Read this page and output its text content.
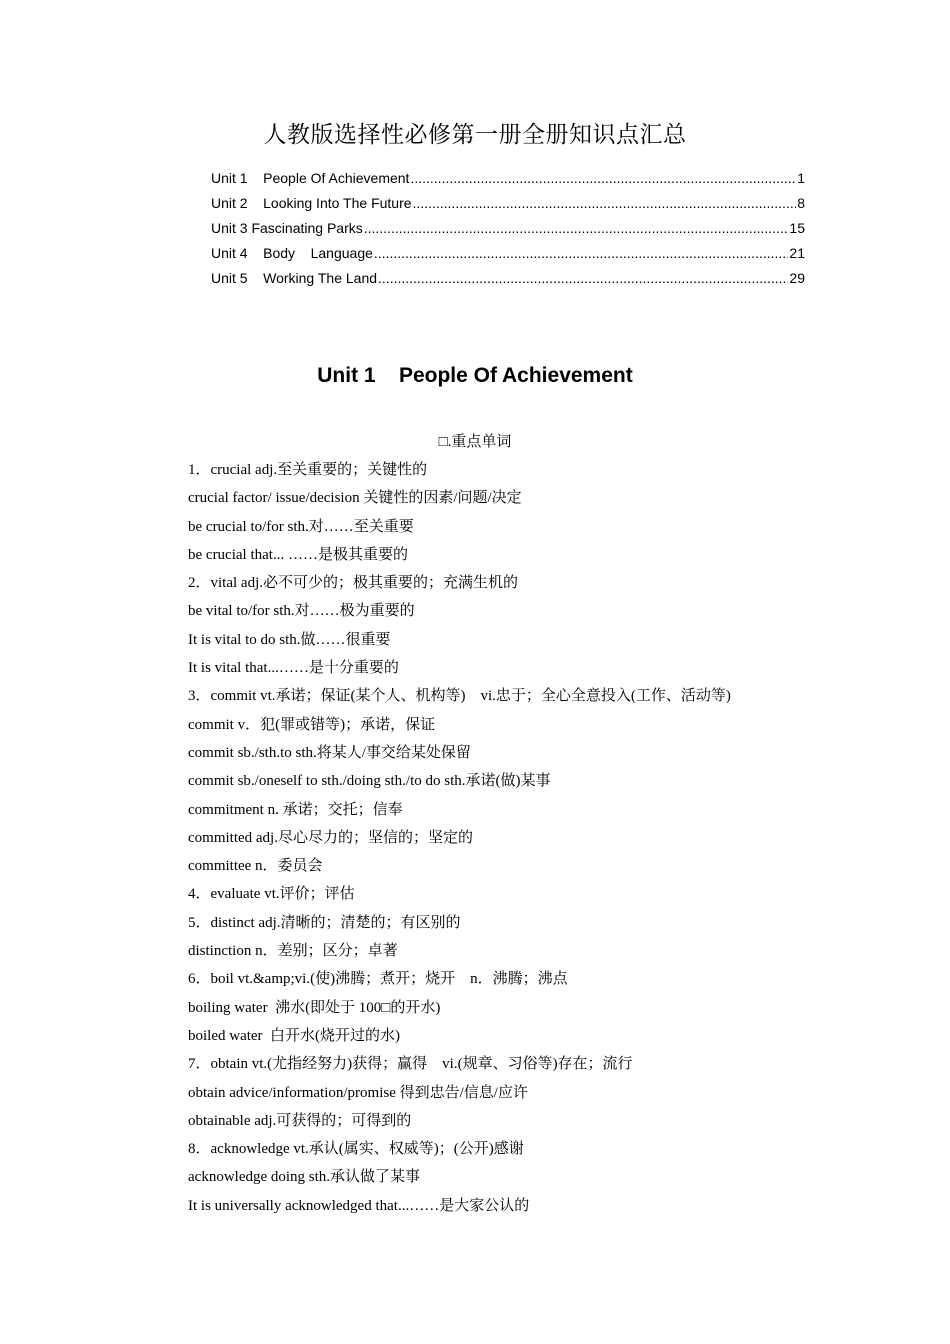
人教版选择性必修第一册全册知识点汇总
Unit 1    People Of Achievement .....	1
Unit 2    Looking Into The Future .....	8
Unit 3 Fascinating Parks .....	15
Unit 4    Body    Language .....	21
Unit 5    Working The Land .....	29
Unit 1    People Of Achievement
□.重点单词
1．crucial adj.至关重要的；关键性的
crucial factor/ issue/decision 关键性的因素/问题/决定
be crucial to/for sth.对……至关重要
be crucial that... ……是极其重要的
2．vital adj.必不可少的；极其重要的；充满生机的
be vital to/for sth.对……极为重要的
It is vital to do sth.做……很重要
It is vital that...……是十分重要的
3．commit vt.承诺；保证(某个人、机构等)    vi.忠于；全心全意投入(工作、活动等)
commit v．犯(罪或错等)；承诺，保证
commit sb./sth.to sth.将某人/事交给某处保留
commit sb./oneself to sth./doing sth./to do sth.承诺(做)某事
commitment n. 承诺；交托；信奉
committed adj.尽心尽力的；坚信的；坚定的
committee n．委员会
4．evaluate vt.评价；评估
5．distinct adj.清晰的；清楚的；有区别的
distinction n．差别；区分；卓著
6．boil vt.&amp;vi.(使)沸腾；煮开；烧开    n．沸腾；沸点
boiling water  沸水(即处于 100□的开水)
boiled water  白开水(烧开过的水)
7．obtain vt.(尤指经努力)获得；赢得    vi.(规章、习俗等)存在；流行
obtain advice/information/promise 得到忠告/信息/应许
obtainable adj.可获得的；可得到的
8．acknowledge vt.承认(属实、权威等)；(公开)感谢
acknowledge doing sth.承认做了某事
It is universally acknowledged that...……是大家公认的
